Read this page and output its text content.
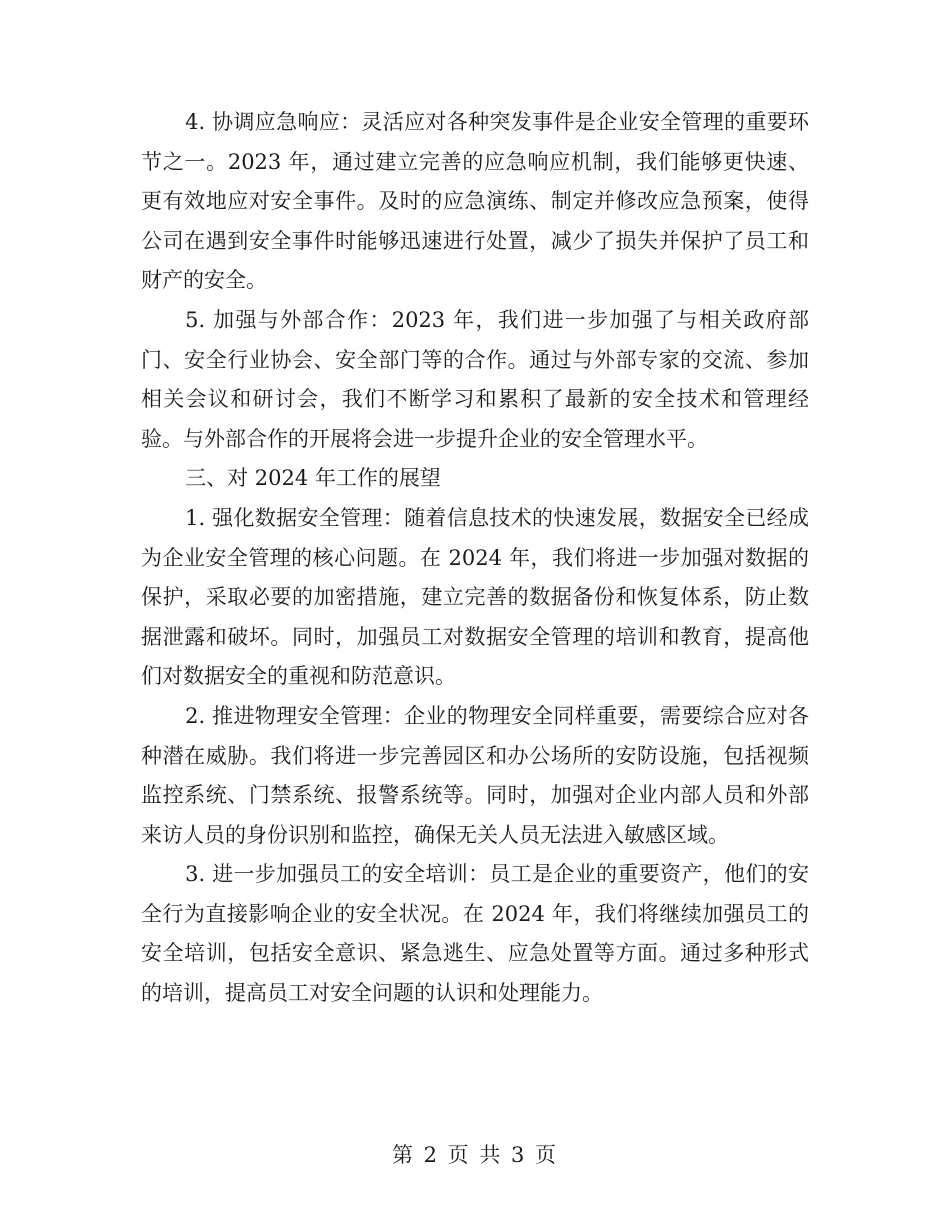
4. 协调应急响应：灵活应对各种突发事件是企业安全管理的重要环节之一。2023 年，通过建立完善的应急响应机制，我们能够更快速、更有效地应对安全事件。及时的应急演练、制定并修改应急预案，使得公司在遇到安全事件时能够迅速进行处置，减少了损失并保护了员工和财产的安全。

5. 加强与外部合作：2023 年，我们进一步加强了与相关政府部门、安全行业协会、安全部门等的合作。通过与外部专家的交流、参加相关会议和研讨会，我们不断学习和累积了最新的安全技术和管理经验。与外部合作的开展将会进一步提升企业的安全管理水平。

三、对 2024 年工作的展望

1. 强化数据安全管理：随着信息技术的快速发展，数据安全已经成为企业安全管理的核心问题。在 2024 年，我们将进一步加强对数据的保护，采取必要的加密措施，建立完善的数据备份和恢复体系，防止数据泄露和破坏。同时，加强员工对数据安全管理的培训和教育，提高他们对数据安全的重视和防范意识。

2. 推进物理安全管理：企业的物理安全同样重要，需要综合应对各种潜在威胁。我们将进一步完善园区和办公场所的安防设施，包括视频监控系统、门禁系统、报警系统等。同时，加强对企业内部人员和外部来访人员的身份识别和监控，确保无关人员无法进入敏感区域。

3. 进一步加强员工的安全培训：员工是企业的重要资产，他们的安全行为直接影响企业的安全状况。在 2024 年，我们将继续加强员工的安全培训，包括安全意识、紧急逃生、应急处置等方面。通过多种形式的培训，提高员工对安全问题的认识和处理能力。

第 2 页 共 3 页
